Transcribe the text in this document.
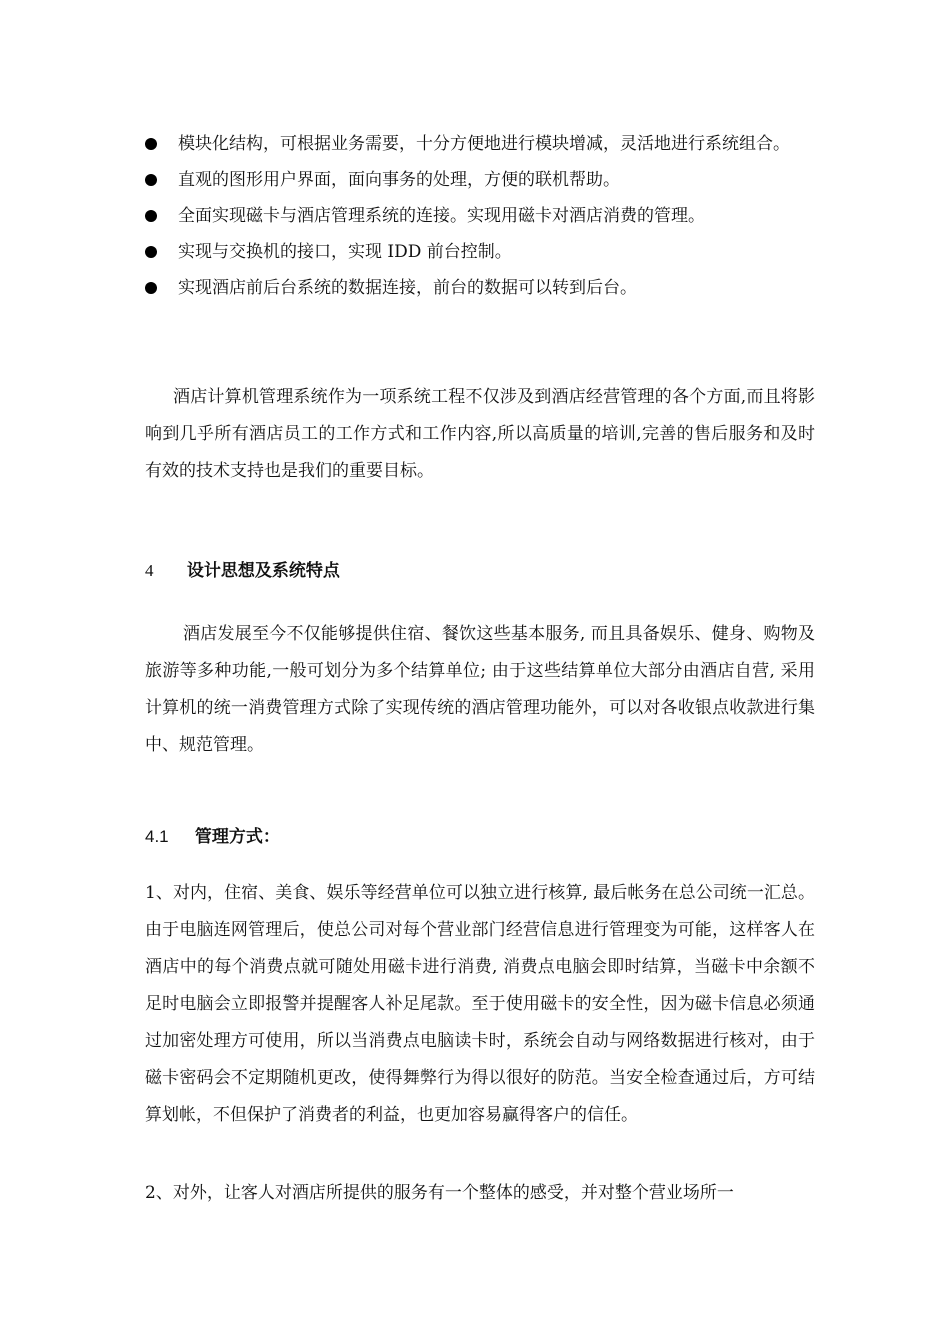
模块化结构，可根据业务需要，十分方便地进行模块增减，灵活地进行系统组合。
直观的图形用户界面，面向事务的处理，方便的联机帮助。
全面实现磁卡与酒店管理系统的连接。实现用磁卡对酒店消费的管理。
实现与交换机的接口，实现 IDD 前台控制。
实现酒店前后台系统的数据连接，前台的数据可以转到后台。

酒店计算机管理系统作为一项系统工程不仅涉及到酒店经营管理的各个方面,而且将影响到几乎所有酒店员工的工作方式和工作内容,所以高质量的培训,完善的售后服务和及时有效的技术支持也是我们的重要目标。

4 设计思想及系统特点

酒店发展至今不仅能够提供住宿、餐饮这些基本服务, 而且具备娱乐、健身、购物及旅游等多种功能,一般可划分为多个结算单位; 由于这些结算单位大部分由酒店自营, 采用计算机的统一消费管理方式除了实现传统的酒店管理功能外，可以对各收银点收款进行集中、规范管理。

4.1 管理方式：

1、对内，住宿、美食、娱乐等经营单位可以独立进行核算, 最后帐务在总公司统一汇总。由于电脑连网管理后，使总公司对每个营业部门经营信息进行管理变为可能，这样客人在酒店中的每个消费点就可随处用磁卡进行消费, 消费点电脑会即时结算，当磁卡中余额不足时电脑会立即报警并提醒客人补足尾款。至于使用磁卡的安全性，因为磁卡信息必须通过加密处理方可使用，所以当消费点电脑读卡时，系统会自动与网络数据进行核对，由于磁卡密码会不定期随机更改，使得舞弊行为得以很好的防范。当安全检查通过后，方可结算划帐，不但保护了消费者的利益，也更加容易赢得客户的信任。

2、对外，让客人对酒店所提供的服务有一个整体的感受，并对整个营业场所一
